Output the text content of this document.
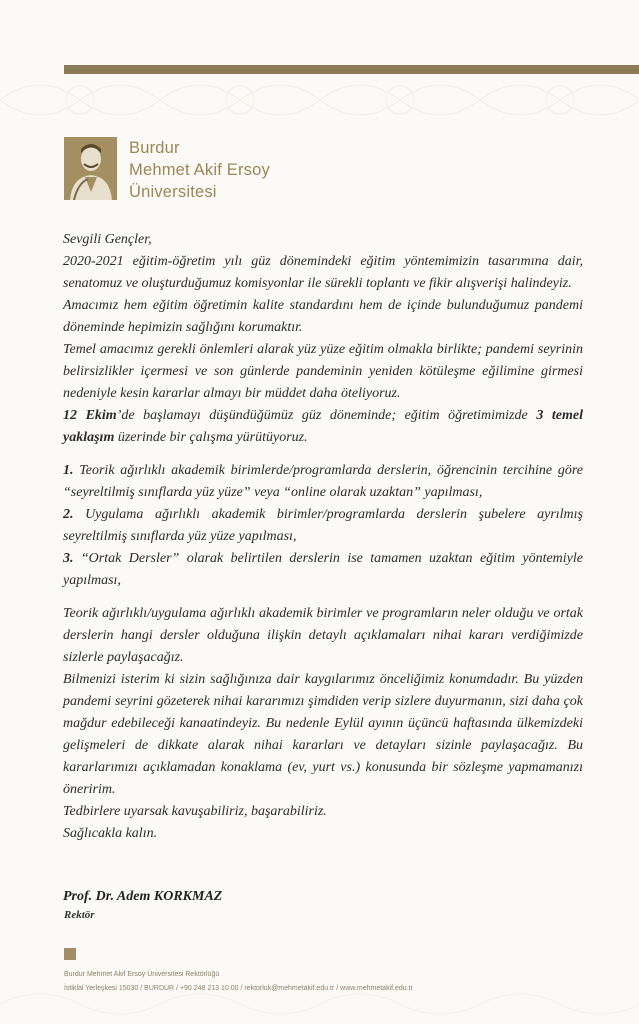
Burdur
Mehmet Akif Ersoy
Üniversitesi

Sevgili Gençler,

2020-2021 eğitim-öğretim yılı güz dönemindeki eğitim yöntemimizin tasarımına dair, senatomuz ve oluşturduğumuz komisyonlar ile sürekli toplantı ve fikir alışverişi halindeyiz.

Amacımız hem eğitim öğretimin kalite standardını hem de içinde bulunduğumuz pandemi döneminde hepimizin sağlığını korumaktır.

Temel amacımız gerekli önlemleri alarak yüz yüze eğitim olmakla birlikte; pandemi seyrinin belirsizlikler içermesi ve son günlerde pandeminin yeniden kötüleşme eğilimine girmesi nedeniyle kesin kararlar almayı bir müddet daha öteliyoruz.

12 Ekim’de başlamayı düşündüğümüz güz döneminde; eğitim öğretimimizde 3 temel yaklaşım üzerinde bir çalışma yürütüyoruz.

1. Teorik ağırlıklı akademik birimlerde/programlarda derslerin, öğrencinin tercihine göre “seyreltilmiş sınıflarda yüz yüze” veya “online olarak uzaktan” yapılması,

2. Uygulama ağırlıklı akademik birimler/programlarda derslerin şubelere ayrılmış seyreltilmiş sınıflarda yüz yüze yapılması,

3. “Ortak Dersler” olarak belirtilen derslerin ise tamamen uzaktan eğitim yöntemiyle yapılması,

Teorik ağırlıklı/uygulama ağırlıklı akademik birimler ve programların neler olduğu ve ortak derslerin hangi dersler olduğuna ilişkin detaylı açıklamaları nihai kararı verdiğimizde sizlerle paylaşacağız.

Bilmenizi isterim ki sizin sağlığınıza dair kaygılarımız önceliğimiz konumdadır. Bu yüzden pandemi seyrini gözeterek nihai kararımızı şimdiden verip sizlere duyurmanın, sizi daha çok mağdur edebileceği kanaatindeyiz. Bu nedenle Eylül ayının üçüncü haftasında ülkemizdeki gelişmeleri de dikkate alarak nihai kararları ve detayları sizinle paylaşacağız. Bu kararlarımızı açıklamadan konaklama (ev, yurt vs.) konusunda bir sözleşme yapmamanızı öneririm.

Tedbirlere uyarsak kavuşabiliriz, başarabiliriz.

Sağlıcakla kalın.

Prof. Dr. Adem KORKMAZ
Rektör
Burdur Mehmet Akif Ersoy Üniversitesi Rektörlüğü
İstiklal Yerleşkesi 15030 / BURDUR / +90 248 213 10 00 / rektorluk@mehmetakif.edu.tr / www.mehmetakif.edu.tr
